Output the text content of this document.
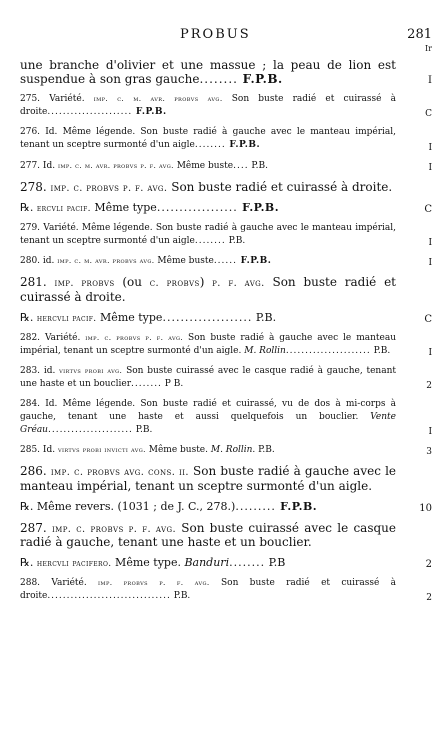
PROBUS	281
Ir
une branche d'olivier et une massue ; la peau de lion est suspendue à son gras gauche........ F.P.B.	I
275. Variété. imp. c. m. avr. probvs avg. Son buste radié et cuirassé à droite...................... F.P.B.	C
276. Id. Même légende. Son buste radié à gauche avec le manteau impérial, tenant un sceptre surmonté d'un aigle........ F.P.B.	I
277. Id. imp. c. m. avr. probvs p. f. avg. Même buste.... P.B.	I
278. imp. c. probvs p. f. avg. Son buste radié et cuirassé à droite.
℞. ercvli pacif. Même type.................. F.P.B.	C
279. Variété. Même légende. Son buste radié à gauche avec le manteau impérial, tenant un sceptre surmonté d'un aigle........ P.B.	I
280. id. imp. c. m. avr. probvs avg. Même buste...... F.P.B.	I
281. imp. probvs (ou c. probvs) p. f. avg. Son buste radié et cuirassé à droite.
℞. hercvli pacif. Même type.................... P.B.	C
282. Variété. imp. c. probvs p. f. avg. Son buste radié à gauche avec le manteau impérial, tenant un sceptre surmonté d'un aigle. M. Rollin...................... P.B.	I
283. id. virtvs probi avg. Son buste cuirassé avec le casque radié à gauche, tenant une haste et un bouclier........ P B.	2
284. Id. Même légende. Son buste radié et cuirassé, vu de dos à mi-corps à gauche, tenant une haste et aussi quelquefois un bouclier. Vente Gréau...................... P.B.	I
285. Id. virtvs probi invicti avg. Même buste. M. Rollin. P.B.	3
286. imp. c. probvs avg. cons. ii. Son buste radié à gauche avec le manteau impérial, tenant un sceptre surmonté d'un aigle.
℞. Même revers. (1031 ; de J. C., 278.)......... F.P.B.	10
287. imp. c. probvs p. f. avg. Son buste cuirassé avec le casque radié à gauche, tenant une haste et un bouclier.
℞. hercvli pacifero. Même type. Banduri........ P.B	2
288. Variété. imp. probvs p. f. avg. Son buste radié et cuirassé à droite................................ P.B.	2
